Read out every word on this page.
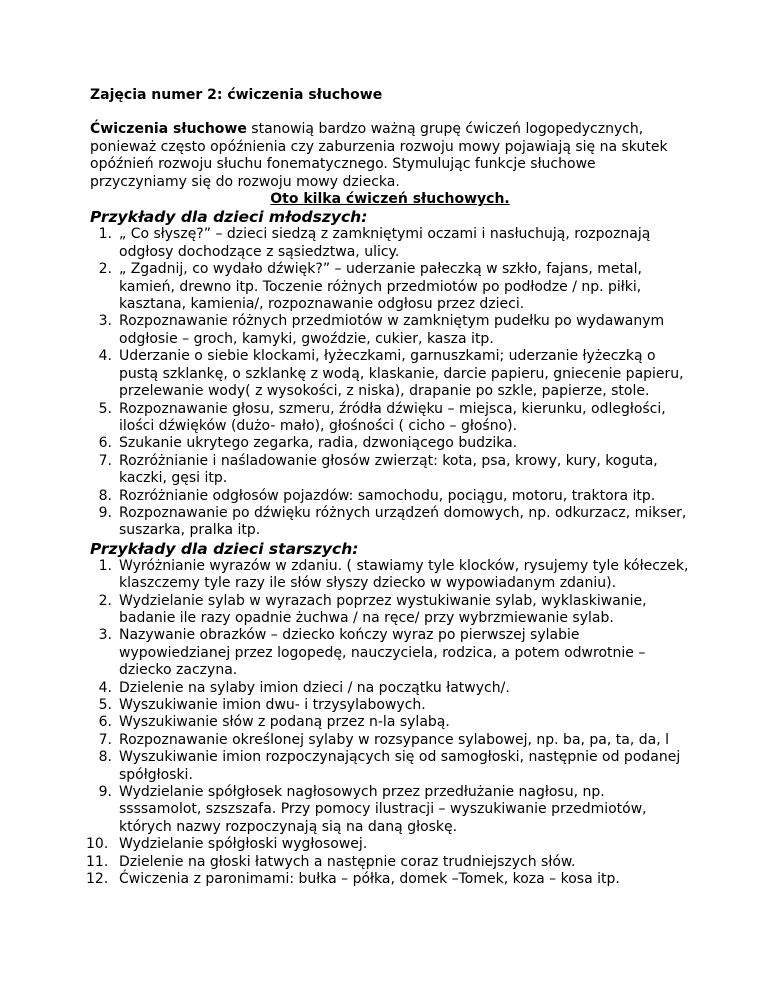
Zajęcia numer 2: ćwiczenia słuchowe

Ćwiczenia słuchowe stanowią bardzo ważną grupę ćwiczeń logopedycznych, ponieważ często opóźnienia czy zaburzenia rozwoju mowy pojawiają się na skutek opóźnień rozwoju słuchu fonematycznego. Stymulując funkcje słuchowe przyczyniamy się do rozwoju mowy dziecka.

Oto kilka ćwiczeń słuchowych.

Przykłady dla dzieci młodszych:

1. „ Co słyszę?” – dzieci siedzą z zamkniętymi oczami i nasłuchują, rozpoznają odgłosy dochodzące z sąsiedztwa, ulicy.
2. „ Zgadnij, co wydało dźwięk?” – uderzanie pałeczką w szkło, fajans, metal, kamień, drewno itp. Toczenie różnych przedmiotów po podłodze / np. piłki, kasztana, kamienia/, rozpoznawanie odgłosu przez dzieci.
3. Rozpoznawanie różnych przedmiotów w zamkniętym pudełku po wydawanym odgłosie – groch, kamyki, gwoździe, cukier, kasza itp.
4. Uderzanie o siebie klockami, łyżeczkami, garnuszkami; uderzanie łyżeczką o pustą szklankę, o szklankę z wodą, klaskanie, darcie papieru, gniecenie papieru, przelewanie wody( z wysokości, z niska), drapanie po szkle, papierze, stole.
5. Rozpoznawanie głosu, szmeru, źródła dźwięku – miejsca, kierunku, odległości, ilości dźwięków (dużo- mało), głośności ( cicho – głośno).
6. Szukanie ukrytego zegarka, radia, dzwoniącego budzika.
7. Rozróżnianie i naśladowanie głosów zwierząt: kota, psa, krowy, kury, koguta, kaczki, gęsi itp.
8. Rozróżnianie odgłosów pojazdów: samochodu, pociągu, motoru, traktora itp.
9. Rozpoznawanie po dźwięku różnych urządzeń domowych, np. odkurzacz, mikser, suszarka, pralka itp.

Przykłady dla dzieci starszych:

1. Wyróżnianie wyrazów w zdaniu. ( stawiamy tyle klocków, rysujemy tyle kółeczek, klaszczemy tyle razy ile słów słyszy dziecko w wypowiadanym zdaniu).
2. Wydzielanie sylab w wyrazach poprzez wystukiwanie sylab, wyklaskiwanie, badanie ile razy opadnie żuchwa / na ręce/ przy wybrzmiewanie sylab.
3. Nazywanie obrazków – dziecko kończy wyraz po pierwszej sylabie wypowiedzianej przez logopedę, nauczyciela, rodzica, a potem odwrotnie – dziecko zaczyna.
4. Dzielenie na sylaby imion dzieci / na początku łatwych/.
5. Wyszukiwanie imion dwu- i trzysylabowych.
6. Wyszukiwanie słów z podaną przez n-la sylabą.
7. Rozpoznawanie określonej sylaby w rozsypance sylabowej, np. ba, pa, ta, da, l
8. Wyszukiwanie imion rozpoczynających się od samogłoski, następnie od podanej spółgłoski.
9. Wydzielanie spółgłosek nagłosowych przez przedłużanie nagłosu, np. ssssamolot, szszszafa. Przy pomocy ilustracji – wyszukiwanie przedmiotów, których nazwy rozpoczynają sią na daną głoskę.
10. Wydzielanie spółgłoski wygłosowej.
11. Dzielenie na głoski łatwych a następnie coraz trudniejszych słów.
12. Ćwiczenia z paronimami: bułka – półka, domek –Tomek, koza – kosa itp.
